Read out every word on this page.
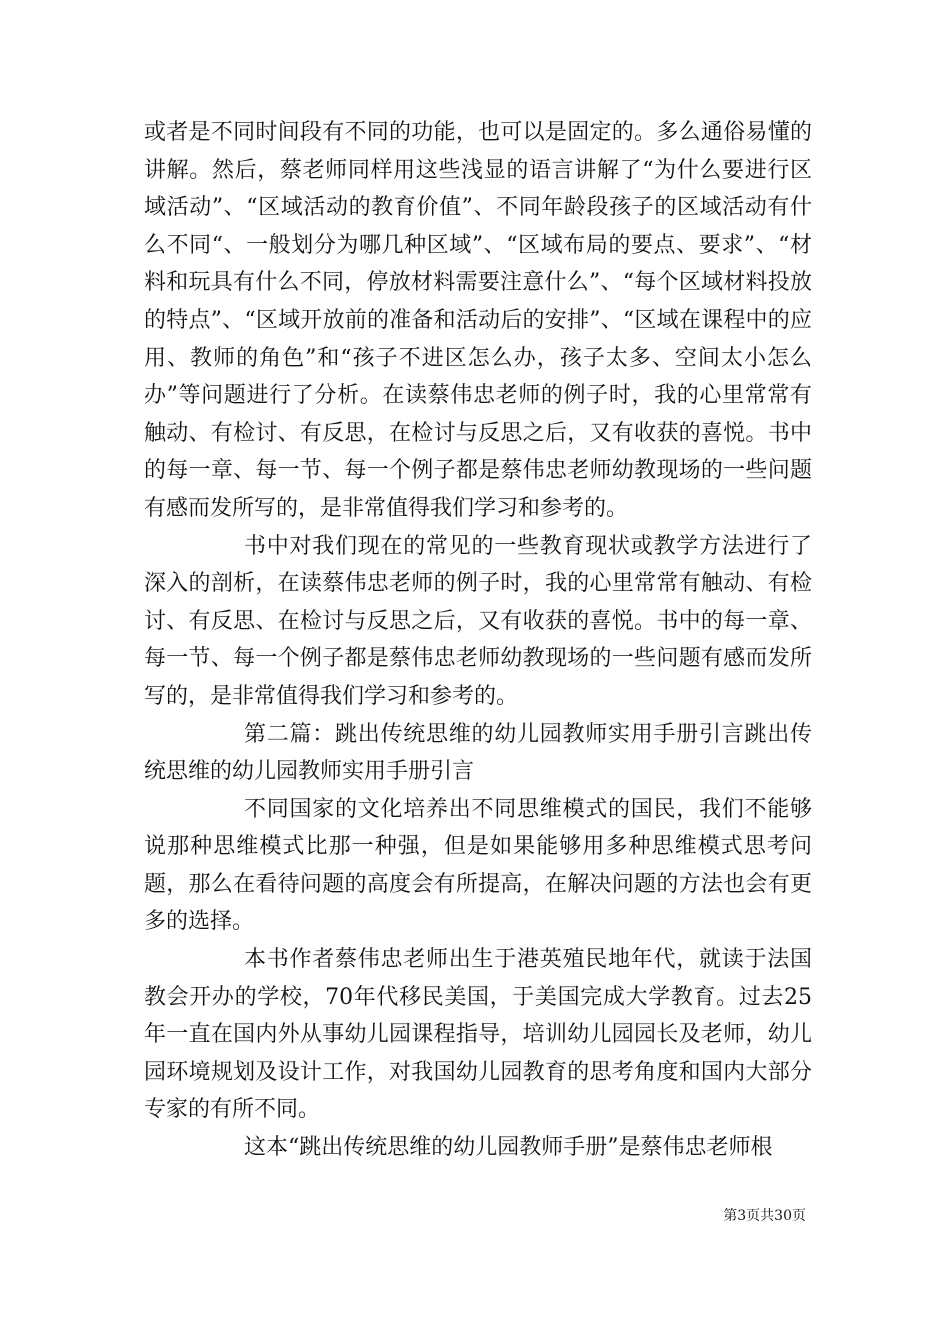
或者是不同时间段有不同的功能，也可以是固定的。多么通俗易懂的讲解。然后，蔡老师同样用这些浅显的语言讲解了“为什么要进行区域活动”、“区域活动的教育价值”、不同年龄段孩子的区域活动有什么不同“、一般划分为哪几种区域”、“区域布局的要点、要求”、“材料和玩具有什么不同，停放材料需要注意什么”、“每个区域材料投放的特点”、“区域开放前的准备和活动后的安排”、“区域在课程中的应用、教师的角色”和“孩子不进区怎么办，孩子太多、空间太小怎么办”等问题进行了分析。在读蔡伟忠老师的例子时，我的心里常常有触动、有检讨、有反思，在检讨与反思之后，又有收获的喜悦。书中的每一章、每一节、每一个例子都是蔡伟忠老师幼教现场的一些问题有感而发所写的，是非常值得我们学习和参考的。

书中对我们现在的常见的一些教育现状或教学方法进行了深入的剖析，在读蔡伟忠老师的例子时，我的心里常常有触动、有检讨、有反思、在检讨与反思之后，又有收获的喜悦。书中的每一章、每一节、每一个例子都是蔡伟忠老师幼教现场的一些问题有感而发所写的，是非常值得我们学习和参考的。

第二篇：跳出传统思维的幼儿园教师实用手册引言跳出传统思维的幼儿园教师实用手册引言

不同国家的文化培养出不同思维模式的国民，我们不能够说那种思维模式比那一种强，但是如果能够用多种思维模式思考问题，那么在看待问题的高度会有所提高，在解决问题的方法也会有更多的选择。

本书作者蔡伟忠老师出生于港英殖民地年代，就读于法国教会开办的学校，70年代移民美国，于美国完成大学教育。过去25年一直在国内外从事幼儿园课程指导，培训幼儿园园长及老师，幼儿园环境规划及设计工作，对我国幼儿园教育的思考角度和国内大部分专家的有所不同。

这本“跳出传统思维的幼儿园教师手册”是蔡伟忠老师根

第3页共30页
